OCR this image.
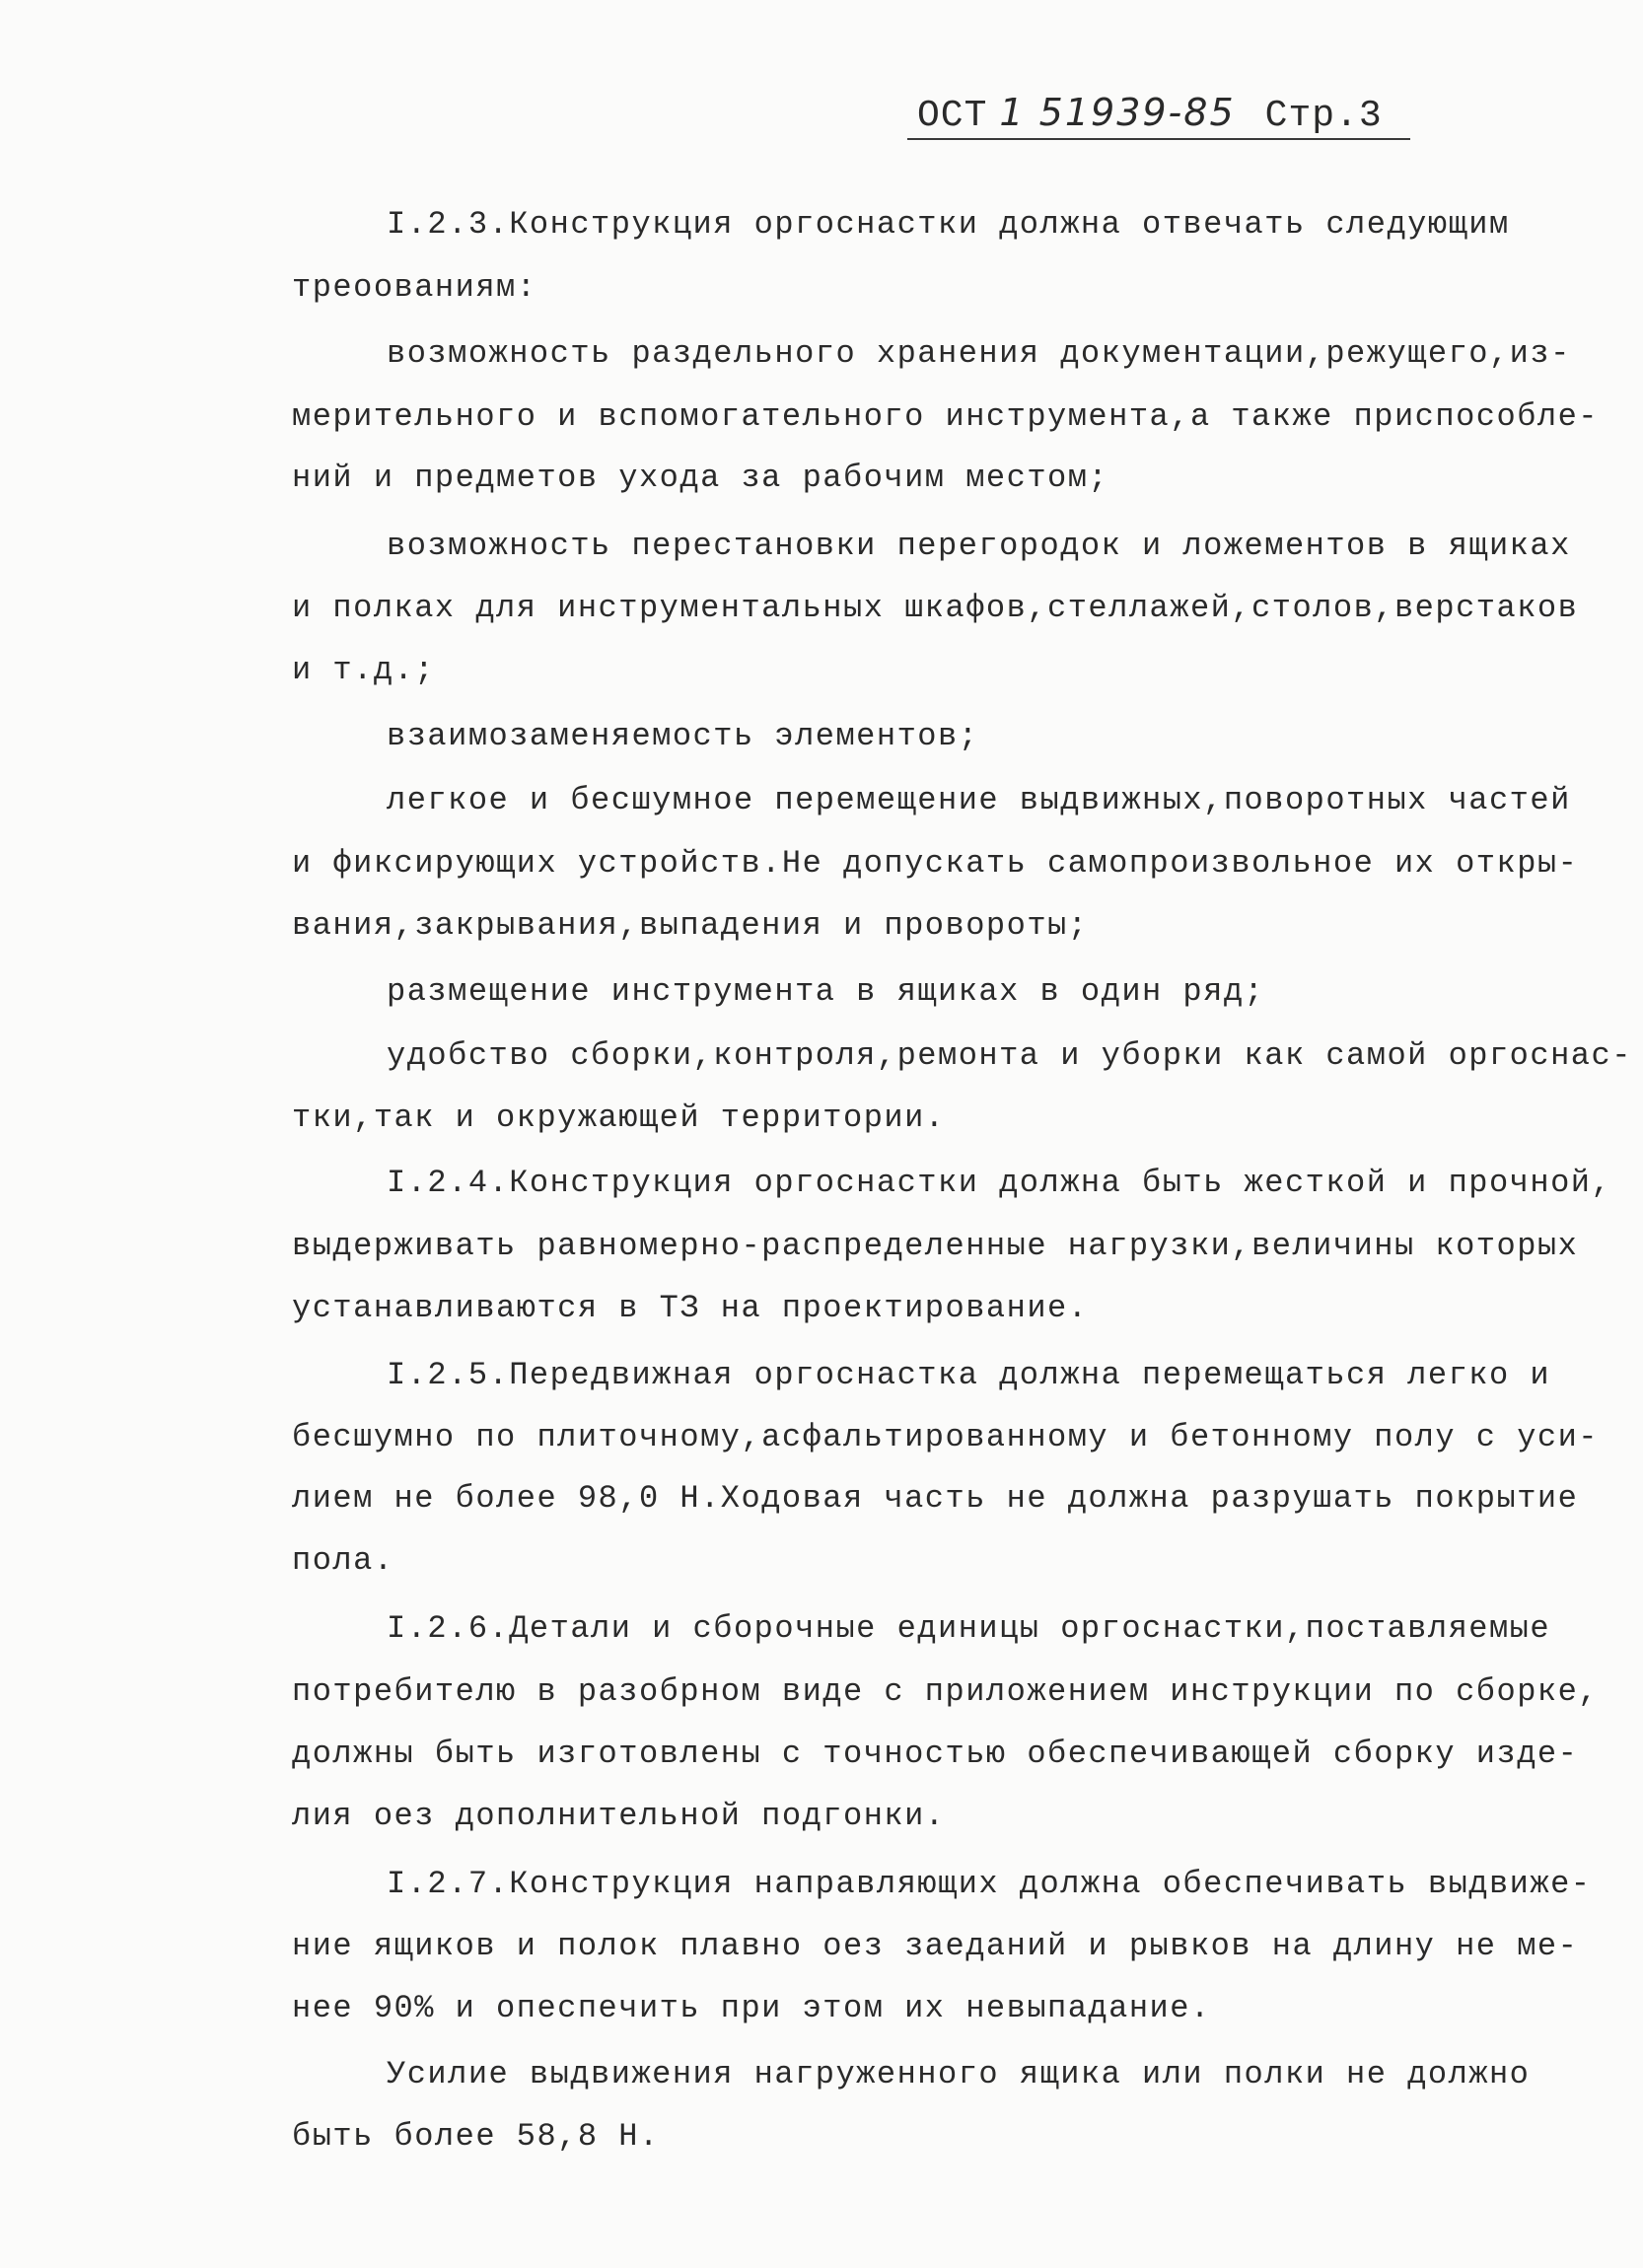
ОСТ 1 51939-85 Стр.3
I.2.3.Конструкция оргоснастки должна отвечать следующим
треоованиям:
возможность раздельного хранения документации,режущего,из-
мерительного и вспомогательного инструмента,а также приспособле-
ний и предметов ухода за рабочим местом;
возможность перестановки перегородок и ложементов в ящиках
и полках для инструментальных шкафов,стеллажей,столов,верстаков
и т.д.;
взаимозаменяемость элементов;
легкое и бесшумное перемещение выдвижных,поворотных частей
и фиксирующих устройств.Не допускать самопроизвольное их откры-
вания,закрывания,выпадения и провороты;
размещение инструмента в ящиках в один ряд;
удобство сборки,контроля,ремонта и уборки как самой оргоснас-
тки,так и окружающей территории.
I.2.4.Конструкция оргоснастки должна быть жесткой и прочной,
выдерживать равномерно-распределенные нагрузки,величины которых
устанавливаются в ТЗ на проектирование.
I.2.5.Передвижная оргоснастка должна перемещаться легко и
бесшумно по плиточному,асфальтированному и бетонному полу с уси-
лием не более 98,0 Н.Ходовая часть не должна разрушать покрытие
пола.
I.2.6.Детали и сборочные единицы оргоснастки,поставляемые
потребителю в разобрном виде с приложением инструкции по сборке,
должны быть изготовлены с точностью обеспечивающей сборку изде-
лия оез дополнительной подгонки.
I.2.7.Конструкция направляющих должна обеспечивать выдвиже-
ние ящиков и полок плавно оез заеданий и рывков на длину не ме-
нее 90% и опеспечить при этом их невыпадание.
Усилие выдвижения нагруженного ящика или полки не должно
быть более 58,8 Н.
